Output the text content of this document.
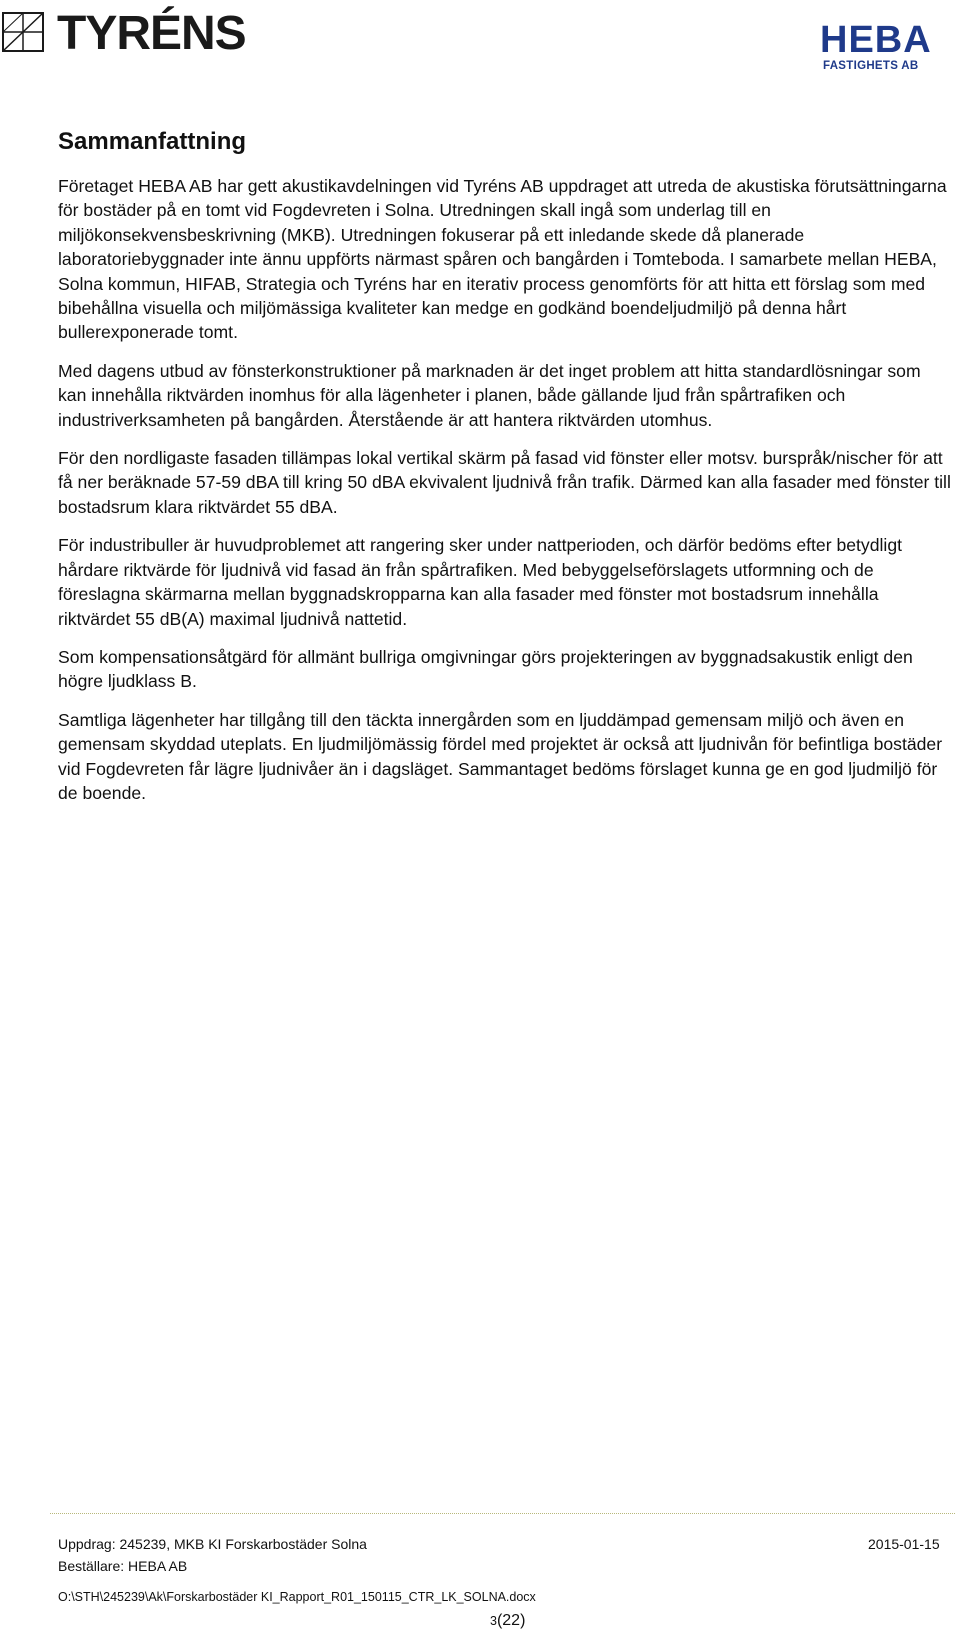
TYRÉNS	HEBA
FASTIGHETS AB
Sammanfattning

Företaget HEBA AB har gett akustikavdelningen vid Tyréns AB uppdraget att utreda de akustiska förutsättningarna för bostäder på en tomt vid Fogdevreten i Solna. Utredningen skall ingå som underlag till en miljökonsekvensbeskrivning (MKB). Utredningen fokuserar på ett inledande skede då planerade laboratoriebyggnader inte ännu uppförts närmast spåren och bangården i Tomteboda. I samarbete mellan HEBA, Solna kommun, HIFAB, Strategia och Tyréns har en iterativ process genomförts för att hitta ett förslag som med bibehållna visuella och miljömässiga kvaliteter kan medge en godkänd boendeljudmiljö på denna hårt bullerexponerade tomt.

Med dagens utbud av fönsterkonstruktioner på marknaden är det inget problem att hitta standardlösningar som kan innehålla riktvärden inomhus för alla lägenheter i planen, både gällande ljud från spårtrafiken och industriverksamheten på bangården. Återstående är att hantera riktvärden utomhus.

För den nordligaste fasaden tillämpas lokal vertikal skärm på fasad vid fönster eller motsv. burspråk/nischer för att få ner beräknade 57-59 dBA till kring 50 dBA ekvivalent ljudnivå från trafik. Därmed kan alla fasader med fönster till bostadsrum klara riktvärdet 55 dBA.

För industribuller är huvudproblemet att rangering sker under nattperioden, och därför bedöms efter betydligt hårdare riktvärde för ljudnivå vid fasad än från spårtrafiken. Med bebyggelseförslagets utformning och de föreslagna skärmarna mellan byggnadskropparna kan alla fasader med fönster mot bostadsrum innehålla riktvärdet 55 dB(A) maximal ljudnivå nattetid.

Som kompensationsåtgärd för allmänt bullriga omgivningar görs projekteringen av byggnadsakustik enligt den högre ljudklass B.

Samtliga lägenheter har tillgång till den täckta innergården som en ljuddämpad gemensam miljö och även en gemensam skyddad uteplats. En ljudmiljömässig fördel med projektet är också att ljudnivån för befintliga bostäder vid Fogdevreten får lägre ljudnivåer än i dagsläget. Sammantaget bedöms förslaget kunna ge en god ljudmiljö för de boende.

Uppdrag: 245239, MKB KI Forskarbostäder Solna	2015-01-15
Beställare: HEBA AB
O:\STH\245239\Ak\Forskarbostäder KI_Rapport_R01_150115_CTR_LK_SOLNA.docx
3(22)
